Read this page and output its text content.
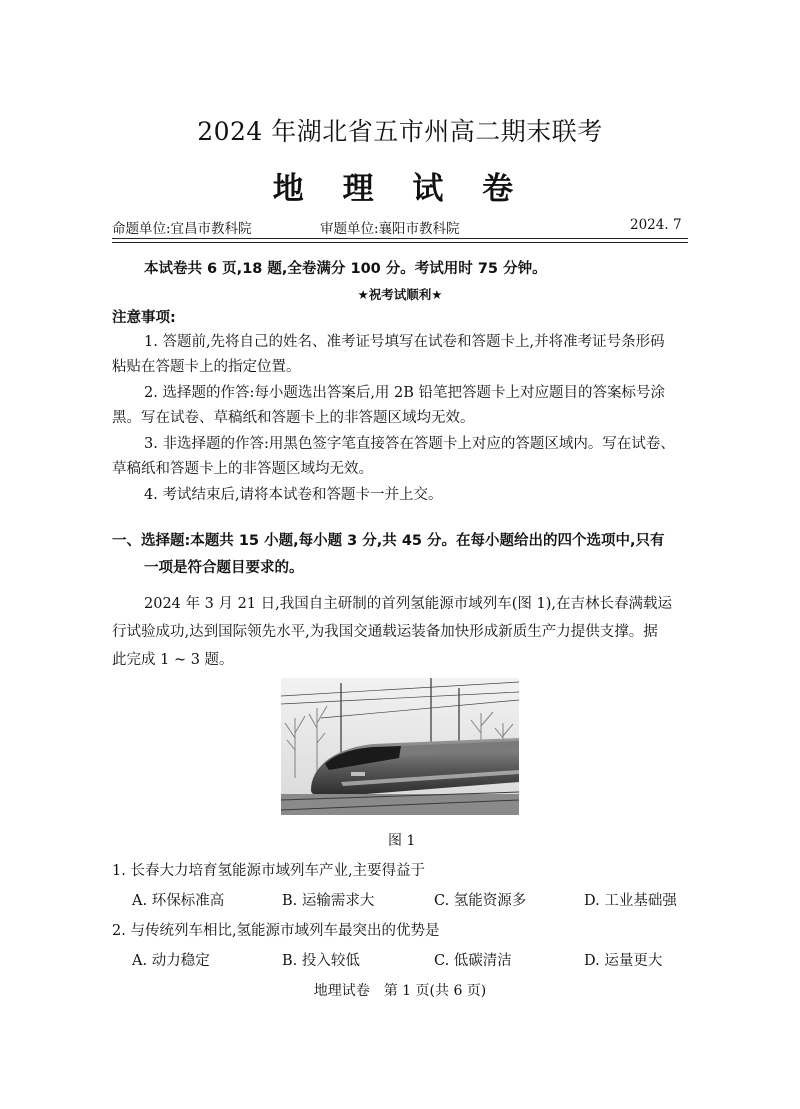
2024 年湖北省五市州高二期末联考
地 理 试 卷
命题单位:宜昌市教科院	审题单位:襄阳市教科院	2024. 7
本试卷共 6 页,18 题,全卷满分 100 分。考试用时 75 分钟。
★祝考试顺利★
注意事项:
1. 答题前,先将自己的姓名、准考证号填写在试卷和答题卡上,并将准考证号条形码
粘贴在答题卡上的指定位置。
2. 选择题的作答:每小题选出答案后,用 2B 铅笔把答题卡上对应题目的答案标号涂
黑。写在试卷、草稿纸和答题卡上的非答题区域均无效。
3. 非选择题的作答:用黑色签字笔直接答在答题卡上对应的答题区域内。写在试卷、
草稿纸和答题卡上的非答题区域均无效。
4. 考试结束后,请将本试卷和答题卡一并上交。
一、选择题:本题共 15 小题,每小题 3 分,共 45 分。在每小题给出的四个选项中,只有
一项是符合题目要求的。
2024 年 3 月 21 日,我国自主研制的首列氢能源市域列车(图 1),在吉林长春满载运
行试验成功,达到国际领先水平,为我国交通载运装备加快形成新质生产力提供支撑。据
此完成 1 ~ 3 题。
图 1
1. 长春大力培育氢能源市域列车产业,主要得益于
A. 环保标准高	B. 运输需求大	C. 氢能资源多	D. 工业基础强
2. 与传统列车相比,氢能源市域列车最突出的优势是
A. 动力稳定	B. 投入较低	C. 低碳清洁	D. 运量更大
地理试卷　第 1 页(共 6 页)
